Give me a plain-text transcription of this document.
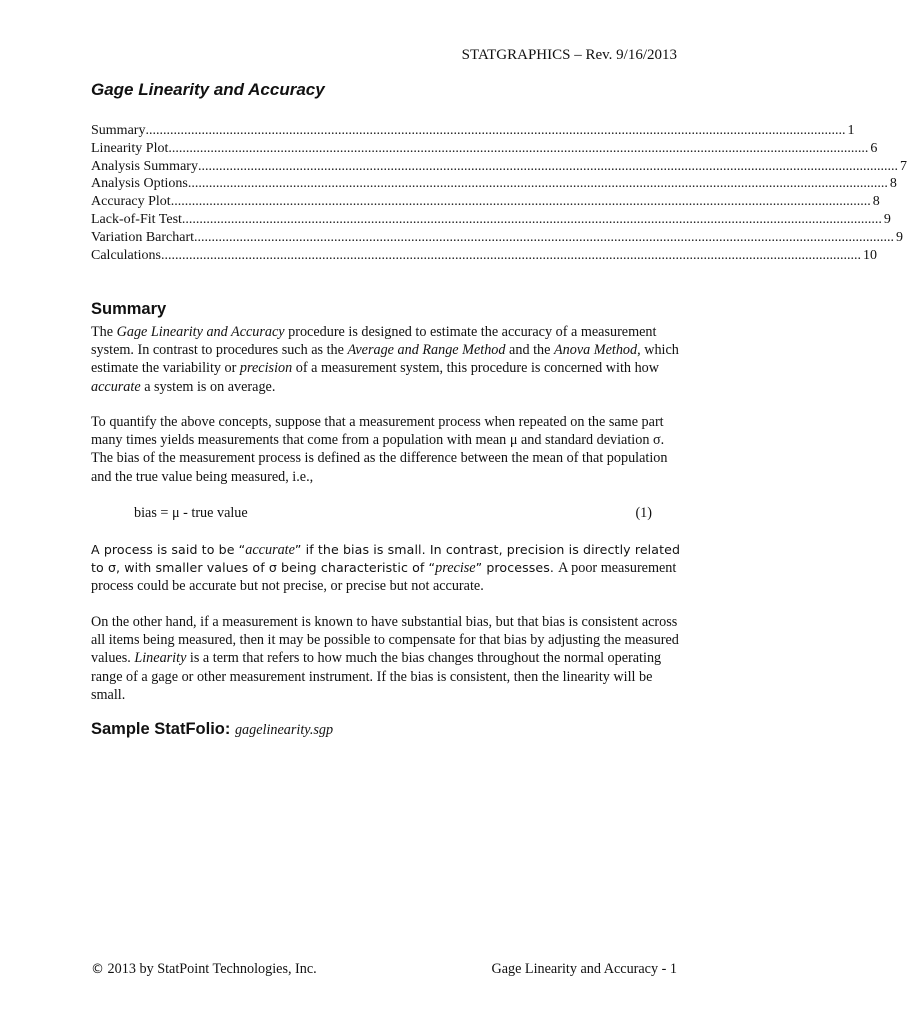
STATGRAPHICS – Rev. 9/16/2013
Gage Linearity and Accuracy
Summary ........................................................................................................................................................................................................ 1
Linearity Plot ........................................................................................................................................................................................................ 6
Analysis Summary ........................................................................................................................................................................................................ 7
Analysis Options ........................................................................................................................................................................................................ 8
Accuracy Plot ........................................................................................................................................................................................................ 8
Lack-of-Fit Test ........................................................................................................................................................................................................ 9
Variation Barchart ........................................................................................................................................................................................................ 9
Calculations ........................................................................................................................................................................................................ 10
Summary

The Gage Linearity and Accuracy procedure is designed to estimate the accuracy of a measurement system. In contrast to procedures such as the Average and Range Method and the Anova Method, which estimate the variability or precision of a measurement system, this procedure is concerned with how accurate a system is on average.

To quantify the above concepts, suppose that a measurement process when repeated on the same part many times yields measurements that come from a population with mean μ and standard deviation σ. The bias of the measurement process is defined as the difference between the mean of that population and the true value being measured, i.e.,

bias = μ - true value	(1)

A process is said to be “accurate” if the bias is small. In contrast, precision is directly related to σ, with smaller values of σ being characteristic of “precise” processes. A poor measurement process could be accurate but not precise, or precise but not accurate.

On the other hand, if a measurement is known to have substantial bias, but that bias is consistent across all items being measured, then it may be possible to compensate for that bias by adjusting the measured values. Linearity is a term that refers to how much the bias changes throughout the normal operating range of a gage or other measurement instrument. If the bias is consistent, then the linearity will be small.

Sample StatFolio: gagelinearity.sgp

© 2013 by StatPoint Technologies, Inc.	Gage Linearity and Accuracy - 1
